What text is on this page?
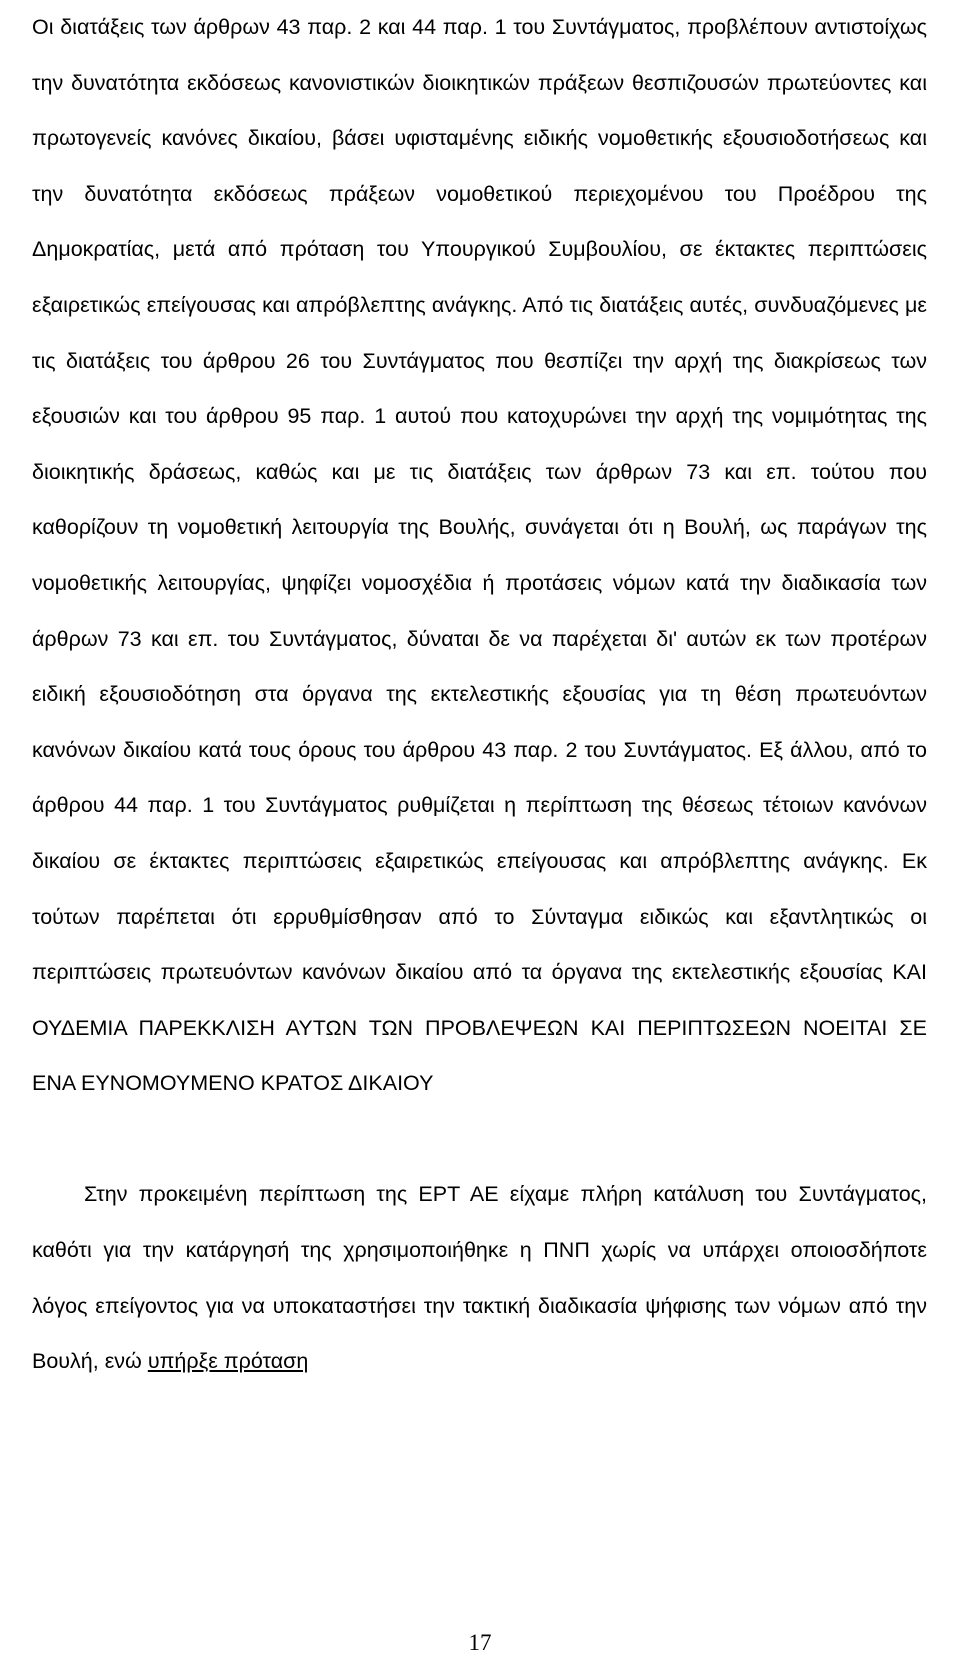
Οι διατάξεις των άρθρων 43 παρ. 2 και 44 παρ. 1 του Συντάγματος, προβλέπουν αντιστοίχως την δυνατότητα εκδόσεως κανονιστικών διοικητικών πράξεων θεσπιζουσών πρωτεύοντες και πρωτογενείς κανόνες δικαίου, βάσει υφισταμένης ειδικής νομοθετικής εξουσιοδοτήσεως και την δυνατότητα εκδόσεως πράξεων νομοθετικού περιεχομένου του Προέδρου της Δημοκρατίας, μετά από πρόταση του Υπουργικού Συμβουλίου, σε έκτακτες περιπτώσεις εξαιρετικώς επείγουσας και απρόβλεπτης ανάγκης. Από τις διατάξεις αυτές, συνδυαζόμενες με τις διατάξεις του άρθρου 26 του Συντάγματος που θεσπίζει την αρχή της διακρίσεως των εξουσιών και του άρθρου 95 παρ. 1 αυτού που κατοχυρώνει την αρχή της νομιμότητας της διοικητικής δράσεως, καθώς και με τις διατάξεις των άρθρων 73 και επ. τούτου που καθορίζουν τη νομοθετική λειτουργία της Βουλής, συνάγεται ότι η Βουλή, ως παράγων της νομοθετικής λειτουργίας, ψηφίζει νομοσχέδια ή προτάσεις νόμων κατά την διαδικασία των άρθρων 73 και επ. του Συντάγματος, δύναται δε να παρέχεται δι' αυτών εκ των προτέρων ειδική εξουσιοδότηση στα όργανα της εκτελεστικής εξουσίας για τη θέση πρωτευόντων κανόνων δικαίου κατά τους όρους του άρθρου 43 παρ. 2 του Συντάγματος. Εξ άλλου, από το άρθρου 44 παρ. 1 του Συντάγματος ρυθμίζεται η περίπτωση της θέσεως τέτοιων κανόνων δικαίου σε έκτακτες περιπτώσεις εξαιρετικώς επείγουσας και απρόβλεπτης ανάγκης. Εκ τούτων παρέπεται ότι ερρυθμίσθησαν από το Σύνταγμα ειδικώς και εξαντλητικώς οι περιπτώσεις πρωτευόντων κανόνων δικαίου από τα όργανα της εκτελεστικής εξουσίας ΚΑΙ ΟΥΔΕΜΙΑ ΠΑΡΕΚΚΛΙΣΗ ΑΥΤΩΝ ΤΩΝ ΠΡΟΒΛΕΨΕΩΝ ΚΑΙ ΠΕΡΙΠΤΩΣΕΩΝ ΝΟΕΙΤΑΙ ΣΕ ΕΝΑ ΕΥΝΟΜΟΥΜΕΝΟ ΚΡΑΤΟΣ ΔΙΚΑΙΟΥ

Στην προκειμένη περίπτωση της ΕΡΤ ΑΕ είχαμε πλήρη κατάλυση του Συντάγματος, καθότι για την κατάργησή της χρησιμοποιήθηκε η ΠΝΠ χωρίς να υπάρχει οποιοσδήποτε λόγος επείγοντος για να υποκαταστήσει την τακτική διαδικασία ψήφισης των νόμων από την Βουλή, ενώ υπήρξε πρόταση

17
